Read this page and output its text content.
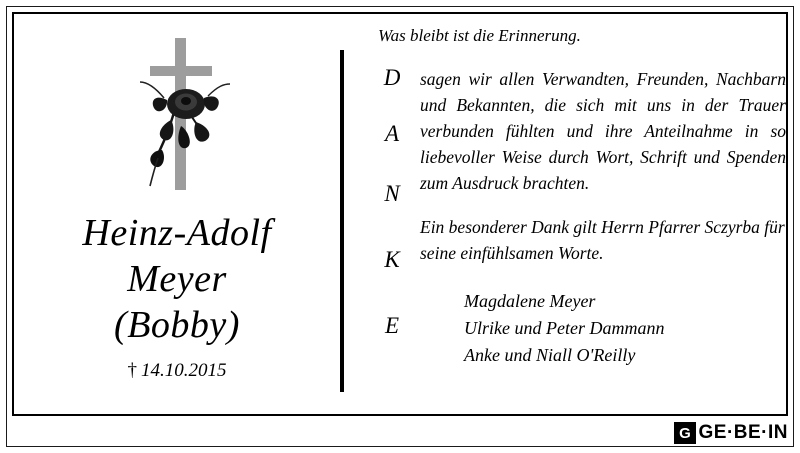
Heinz-Adolf
Meyer
(Bobby)
† 14.10.2015
Was bleibt ist die Erinnerung.
D
A
N
K
E
sagen wir allen Verwandten, Freunden, Nachbarn und Bekannten, die sich mit uns in der Trauer verbunden fühlten und ihre Anteilnahme in so liebevoller Weise durch Wort, Schrift und Spenden zum Ausdruck brachten.
Ein besonderer Dank gilt Herrn Pfarrer Sczyrba für seine einfühlsamen Worte.
Magdalene Meyer
Ulrike und Peter Dammann
Anke und Niall O'Reilly
G GE·BE·IN
